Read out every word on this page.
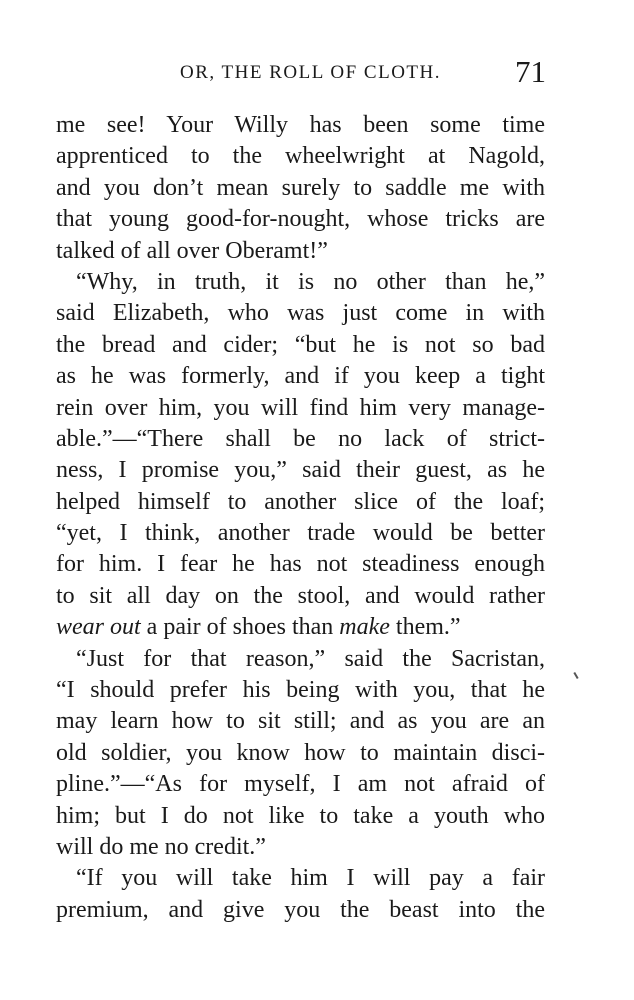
OR, THE ROLL OF CLOTH. 71
me see! Your Willy has been some time
apprenticed to the wheelwright at Nagold,
and you don’t mean surely to saddle me with
that young good-for-nought, whose tricks are
talked of all over Oberamt!”
“Why, in truth, it is no other than he,”
said Elizabeth, who was just come in with
the bread and cider; “but he is not so bad
as he was formerly, and if you keep a tight
rein over him, you will find him very manage-
able.”—“There shall be no lack of strict-
ness, I promise you,” said their guest, as he
helped himself to another slice of the loaf;
“yet, I think, another trade would be better
for him. I fear he has not steadiness enough
to sit all day on the stool, and would rather
wear out a pair of shoes than make them.”
“Just for that reason,” said the Sacristan,
“I should prefer his being with you, that he
may learn how to sit still; and as you are an
old soldier, you know how to maintain disci-
pline.”—“As for myself, I am not afraid of
him; but I do not like to take a youth who
will do me no credit.”
“If you will take him I will pay a fair
premium, and give you the beast into the
